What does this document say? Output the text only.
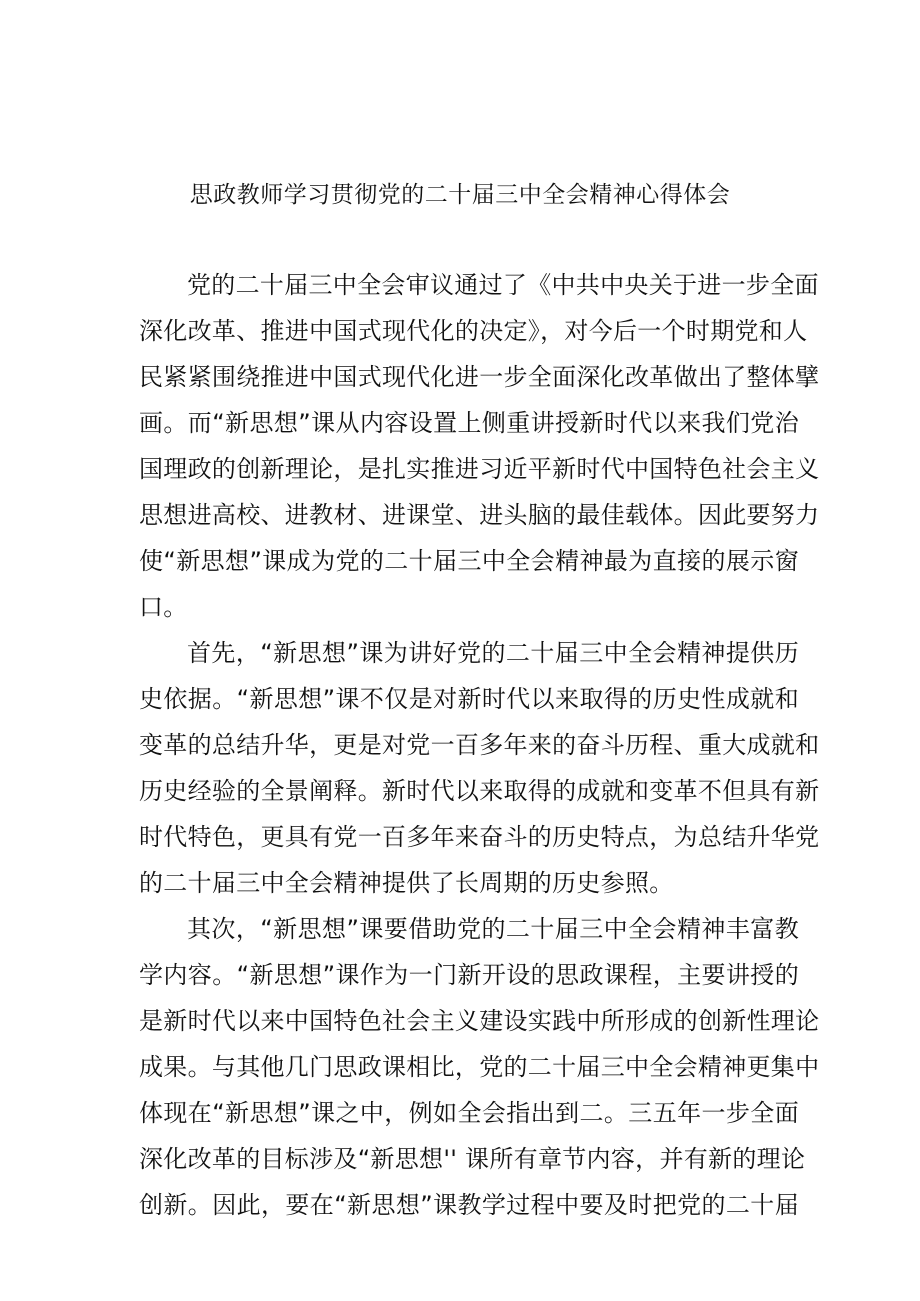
思政教师学习贯彻党的二十届三中全会精神心得体会

党的二十届三中全会审议通过了《中共中央关于进一步全面

深化改革、推进中国式现代化的决定》，对今后一个时期党和人

民紧紧围绕推进中国式现代化进一步全面深化改革做出了整体擘

画。而“新思想”课从内容设置上侧重讲授新时代以来我们党治

国理政的创新理论，是扎实推进习近平新时代中国特色社会主义

思想进高校、进教材、进课堂、进头脑的最佳载体。因此要努力

使“新思想”课成为党的二十届三中全会精神最为直接的展示窗

口。

首先，“新思想”课为讲好党的二十届三中全会精神提供历

史依据。“新思想”课不仅是对新时代以来取得的历史性成就和

变革的总结升华，更是对党一百多年来的奋斗历程、重大成就和

历史经验的全景阐释。新时代以来取得的成就和变革不但具有新

时代特色，更具有党一百多年来奋斗的历史特点，为总结升华党

的二十届三中全会精神提供了长周期的历史参照。

其次，“新思想”课要借助党的二十届三中全会精神丰富教

学内容。“新思想”课作为一门新开设的思政课程，主要讲授的

是新时代以来中国特色社会主义建设实践中所形成的创新性理论

成果。与其他几门思政课相比，党的二十届三中全会精神更集中

体现在“新思想”课之中，例如全会指出到二。三五年一步全面

深化改革的目标涉及“新思想'' 课所有章节内容，并有新的理论

创新。因此，要在“新思想”课教学过程中要及时把党的二十届
